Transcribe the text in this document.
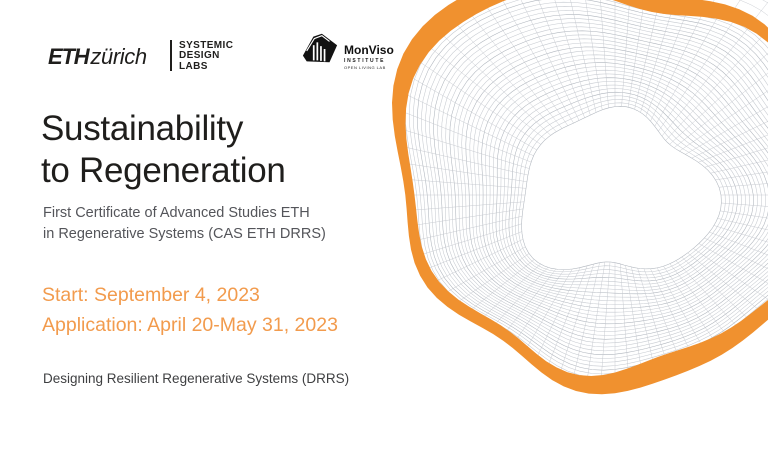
ETHzürich	SYSTEMIC
DESIGN
LABS
MonViso
INSTITUTE
OPEN LIVING LAB
Sustainability
to Regeneration
First Certificate of Advanced Studies ETH
in Regenerative Systems (CAS ETH DRRS)
Start: September 4, 2023
Application: April 20-May 31, 2023
Designing Resilient Regenerative Systems (DRRS)
